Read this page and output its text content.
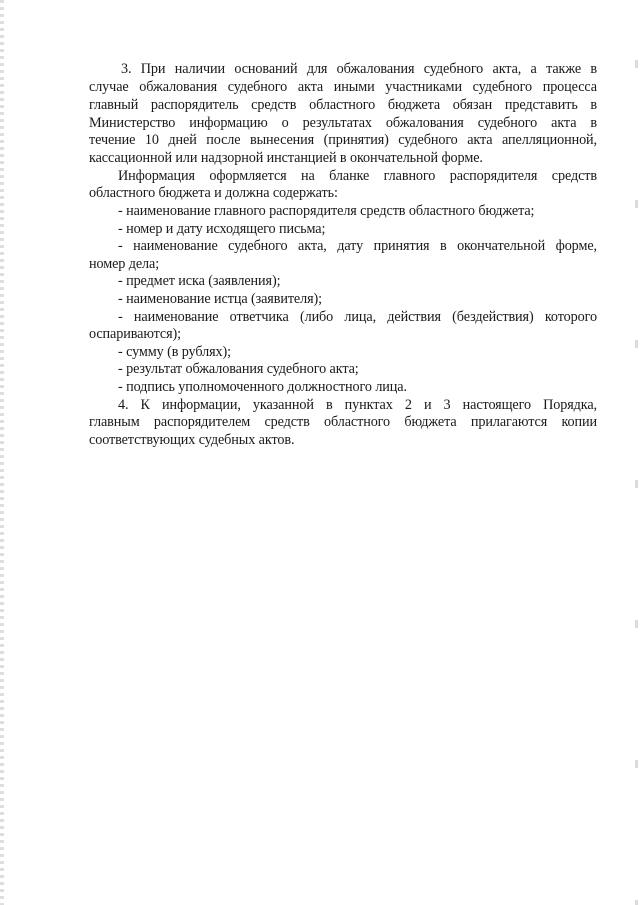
3. При наличии оснований для обжалования судебного акта, а также в
случае обжалования судебного акта иными участниками судебного процесса
главный распорядитель средств областного бюджета обязан представить в
Министерство информацию о результатах обжалования судебного акта в
течение 10 дней после вынесения (принятия) судебного акта апелляционной,
кассационной или надзорной инстанцией в окончательной форме.
Информация оформляется на бланке главного распорядителя средств
областного бюджета и должна содержать:
- наименование главного распорядителя средств областного бюджета;
- номер и дату исходящего письма;
- наименование судебного акта, дату принятия в окончательной форме,
номер дела;
- предмет иска (заявления);
- наименование истца (заявителя);
- наименование ответчика (либо лица, действия (бездействия) которого
оспариваются);
- сумму (в рублях);
- результат обжалования судебного акта;
- подпись уполномоченного должностного лица.
4. К информации, указанной в пунктах 2 и 3 настоящего Порядка,
главным распорядителем средств областного бюджета прилагаются копии
соответствующих судебных актов.
